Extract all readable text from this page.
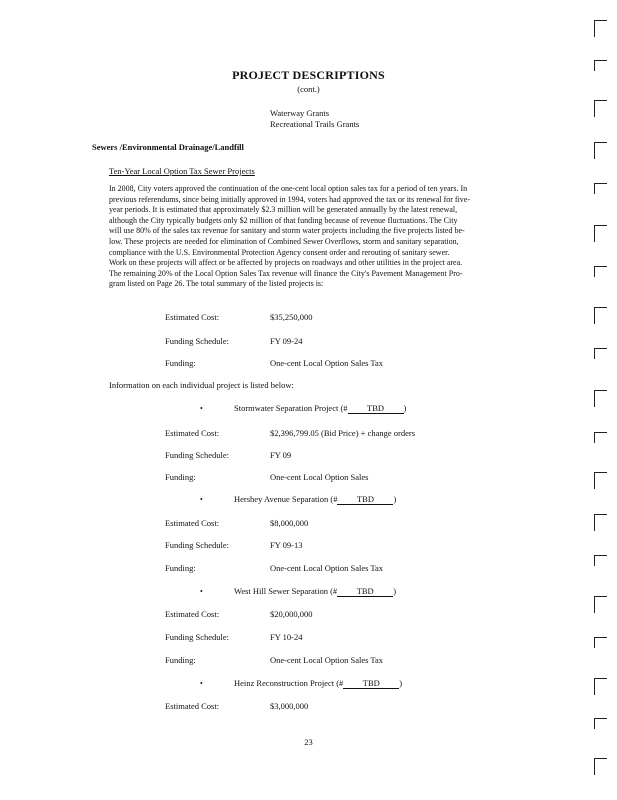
PROJECT DESCRIPTIONS
(cont.)
Waterway Grants
Recreational Trails Grants
Sewers /Environmental Drainage/Landfill
Ten-Year Local Option Tax Sewer Projects
In 2008, City voters approved the continuation of the one-cent local option sales tax for a period of ten years. In
previous referendums, since being initially approved in 1994, voters had approved the tax or its renewal for five-
year periods. It is estimated that approximately $2.3 million will be generated annually by the latest renewal,
although the City typically budgets only $2 million of that funding because of revenue fluctuations. The City
will use 80% of the sales tax revenue for sanitary and storm water projects including the five projects listed be-
low. These projects are needed for elimination of Combined Sewer Overflows, storm and sanitary separation,
compliance with the U.S. Environmental Protection Agency consent order and rerouting of sanitary sewer.
Work on these projects will affect or be affected by projects on roadways and other utilities in the project area.
The remaining 20% of the Local Option Sales Tax revenue will finance the City's Pavement Management Pro-
gram listed on Page 26. The total summary of the listed projects is:
Estimated Cost:	$35,250,000
Funding Schedule:	FY 09-24
Funding:	One-cent Local Option Sales Tax
Information on each individual project is listed below:
•	Stormwater Separation Project (# TBD )
Estimated Cost:	$2,396,799.05 (Bid Price) + change orders
Funding Schedule:	FY 09
Funding:	One-cent Local Option Sales
•	Hershey Avenue Separation (# TBD )
Estimated Cost:	$8,000,000
Funding Schedule:	FY 09-13
Funding:	One-cent Local Option Sales Tax
•	West Hill Sewer Separation (# TBD )
Estimated Cost:	$20,000,000
Funding Schedule:	FY 10-24
Funding:	One-cent Local Option Sales Tax
•	Heinz Reconstruction Project (# TBD )
Estimated Cost:	$3,000,000
23
